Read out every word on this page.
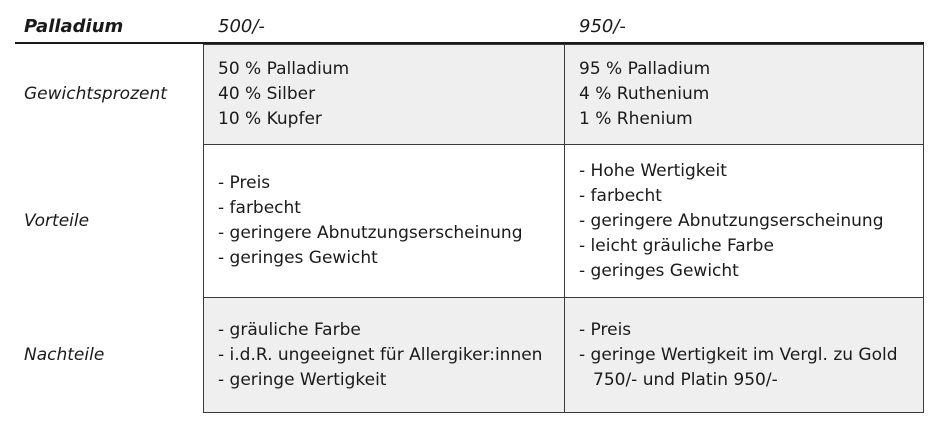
Palladium	500/-	950/-
Gewichtsprozent
50 % Palladium
40 % Silber
10 % Kupfer
95 % Palladium
4 % Ruthenium
1 % Rhenium
Vorteile
- Preis
- farbecht
- geringere Abnutzungserscheinung
- geringes Gewicht
- Hohe Wertigkeit
- farbecht
- geringere Abnutzungserscheinung
- leicht gräuliche Farbe
- geringes Gewicht
Nachteile
- gräuliche Farbe
- i.d.R. ungeeignet für Allergiker:innen
- geringe Wertigkeit
- Preis
- geringe Wertigkeit im Vergl. zu Gold
750/- und Platin 950/-
